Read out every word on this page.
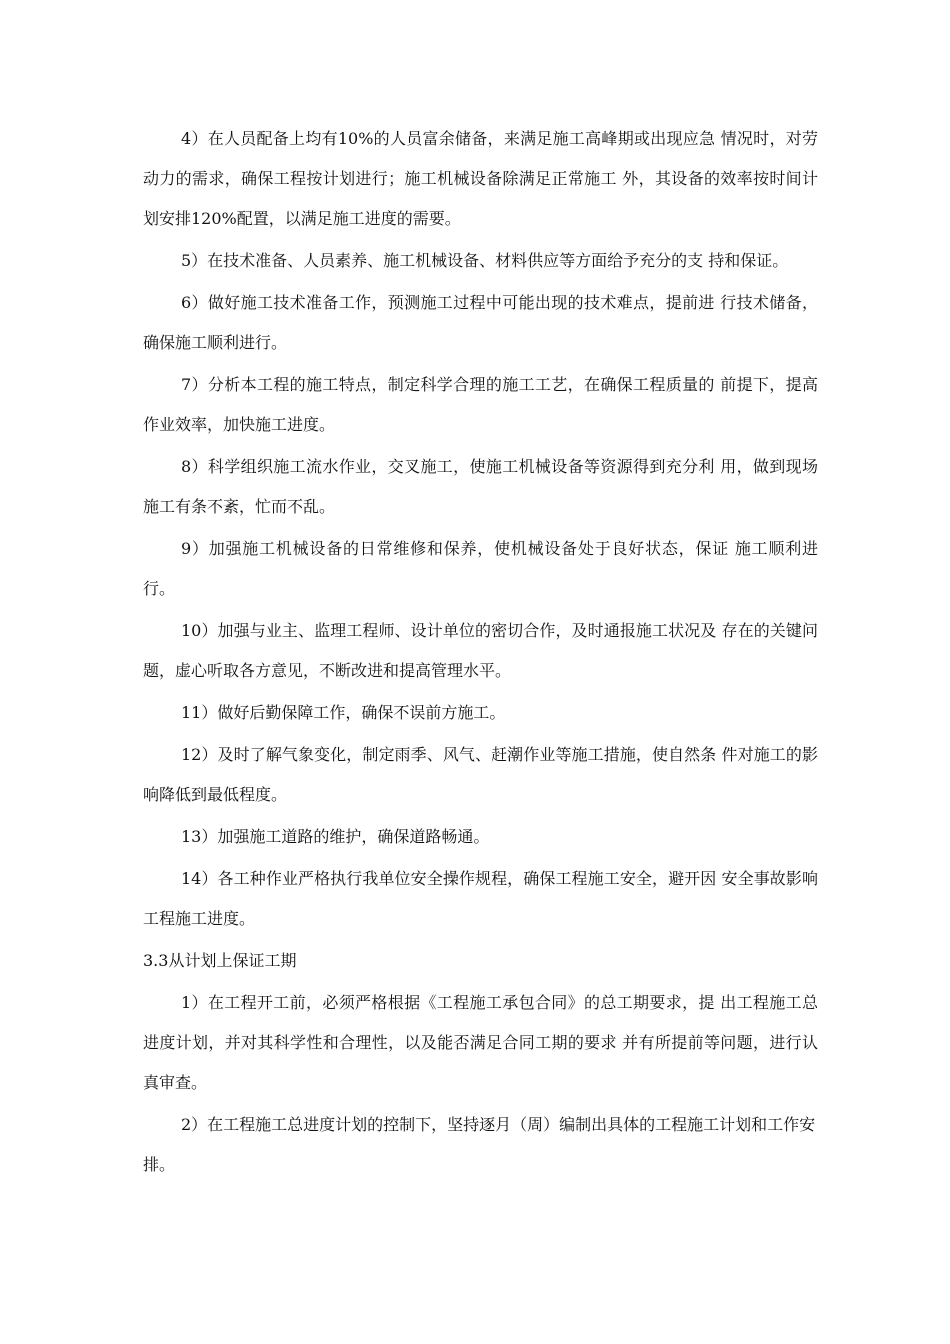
4）在人员配备上均有10%的人员富余储备，来满足施工高峰期或出现应急 情况时，对劳动力的需求，确保工程按计划进行；施工机械设备除满足正常施工 外，其设备的效率按时间计划安排120%配置，以满足施工进度的需要。

5）在技术准备、人员素养、施工机械设备、材料供应等方面给予充分的支 持和保证。

6）做好施工技术准备工作，预测施工过程中可能出现的技术难点，提前进 行技术储备，确保施工顺利进行。

7）分析本工程的施工特点，制定科学合理的施工工艺，在确保工程质量的 前提下，提高作业效率，加快施工进度。

8）科学组织施工流水作业，交叉施工，使施工机械设备等资源得到充分利 用，做到现场施工有条不紊，忙而不乱。

9）加强施工机械设备的日常维修和保养，使机械设备处于良好状态，保证 施工顺利进行。

10）加强与业主、监理工程师、设计单位的密切合作，及时通报施工状况及 存在的关键问题，虚心听取各方意见，不断改进和提高管理水平。

11）做好后勤保障工作，确保不误前方施工。

12）及时了解气象变化，制定雨季、风气、赶潮作业等施工措施，使自然条 件对施工的影响降低到最低程度。

13）加强施工道路的维护，确保道路畅通。

14）各工种作业严格执行我单位安全操作规程，确保工程施工安全，避开因 安全事故影响工程施工进度。

3.3从计划上保证工期

1）在工程开工前，必须严格根据《工程施工承包合同》的总工期要求，提 出工程施工总进度计划，并对其科学性和合理性，以及能否满足合同工期的要求 并有所提前等问题，进行认真审查。

2）在工程施工总进度计划的控制下，坚持逐月（周）编制出具体的工程施工计划和工作安排。
